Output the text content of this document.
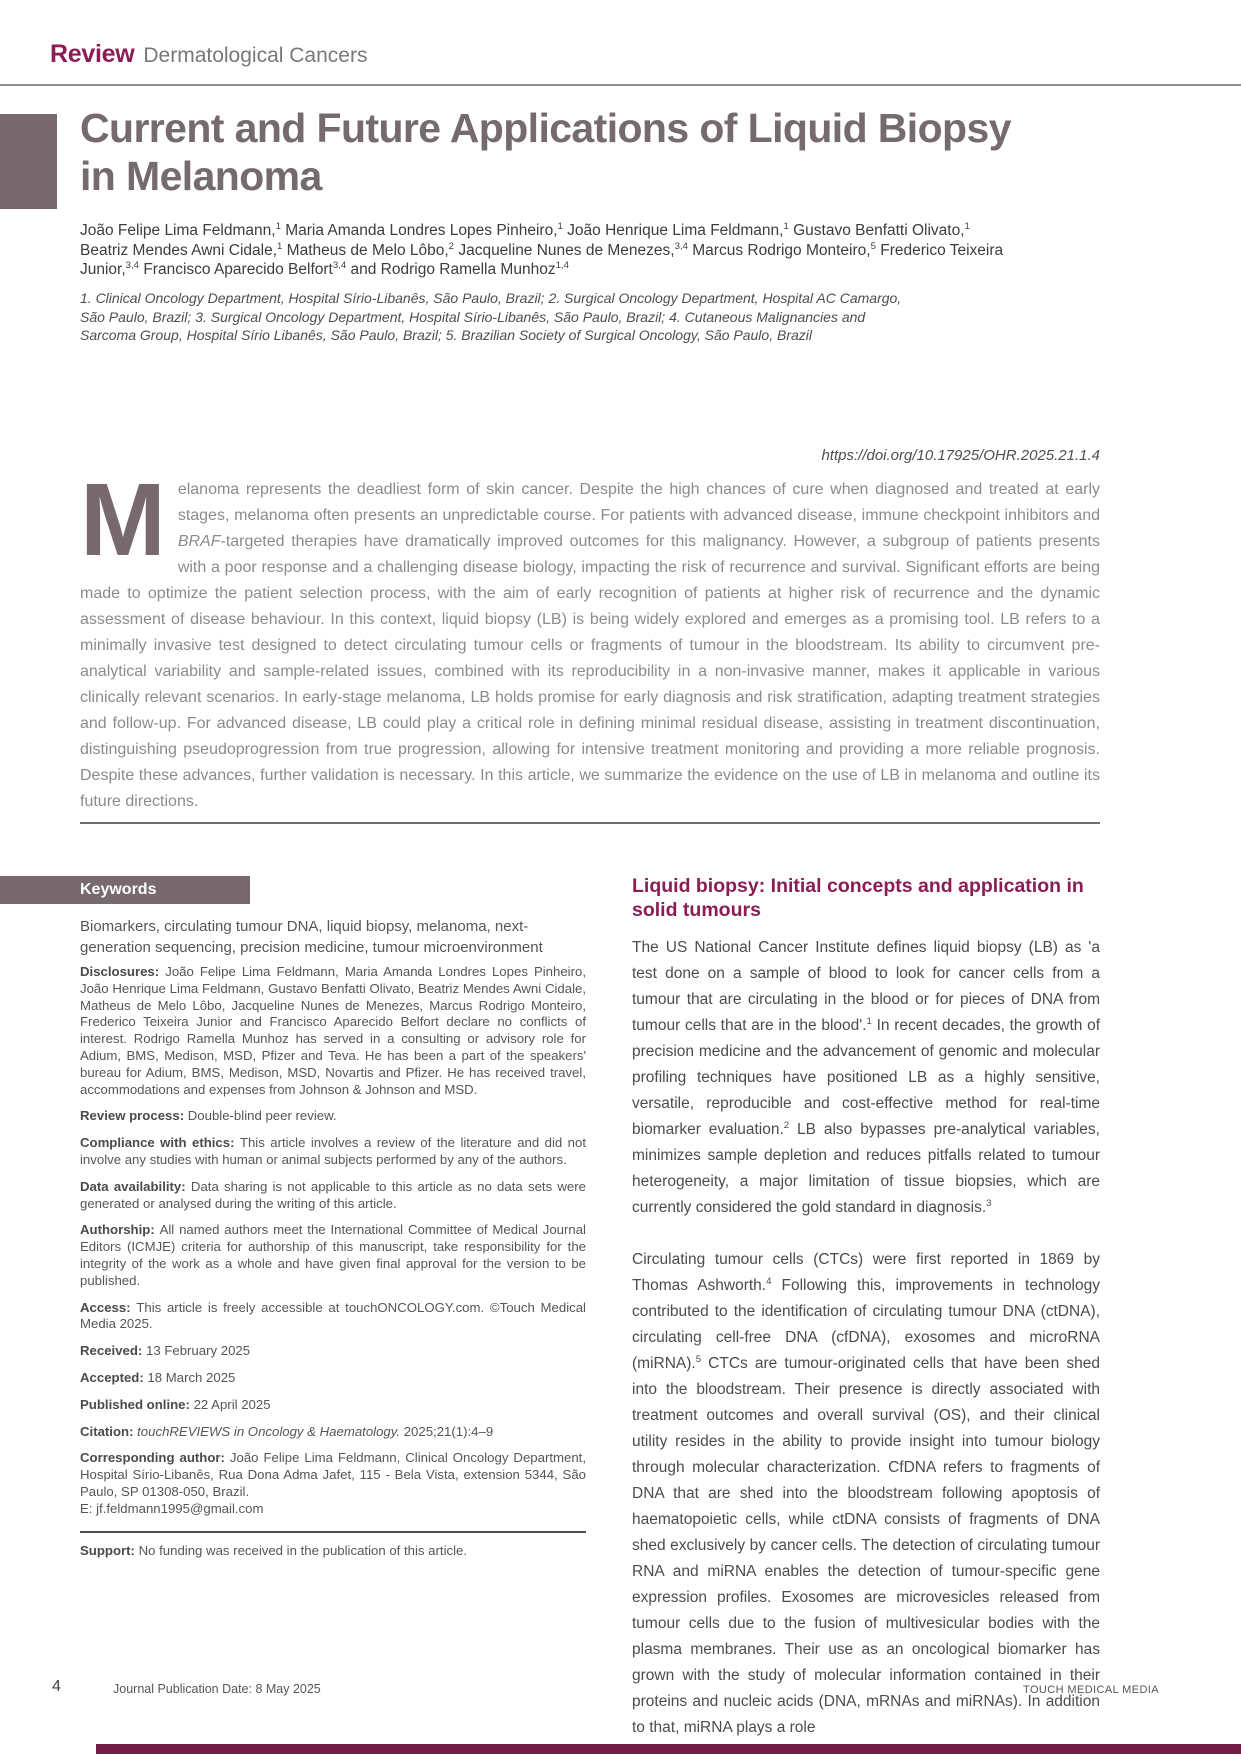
Review Dermatological Cancers
Current and Future Applications of Liquid Biopsy
in Melanoma

João Felipe Lima Feldmann,$^1$ Maria Amanda Londres Lopes Pinheiro,$^1$ João Henrique Lima Feldmann,$^1$ Gustavo Benfatti Olivato,$^1$ Beatriz Mendes Awni Cidale,$^1$ Matheus de Melo Lôbo,$^2$ Jacqueline Nunes de Menezes,$^{3,4}$ Marcus Rodrigo Monteiro,$^5$ Frederico Teixeira Junior,$^{3,4}$ Francisco Aparecido Belfort$^{3,4}$ and Rodrigo Ramella Munhoz$^{1,4}$

1. Clinical Oncology Department, Hospital Sírio-Libanês, São Paulo, Brazil; 2. Surgical Oncology Department, Hospital AC Camargo, São Paulo, Brazil; 3. Surgical Oncology Department, Hospital Sírio-Libanês, São Paulo, Brazil; 4. Cutaneous Malignancies and Sarcoma Group, Hospital Sírio Libanês, São Paulo, Brazil; 5. Brazilian Society of Surgical Oncology, São Paulo, Brazil

https://doi.org/10.17925/OHR.2025.21.1.4

Melanoma represents the deadliest form of skin cancer. Despite the high chances of cure when diagnosed and treated at early stages, melanoma often presents an unpredictable course. For patients with advanced disease, immune checkpoint inhibitors and BRAF-targeted therapies have dramatically improved outcomes for this malignancy. However, a subgroup of patients presents with a poor response and a challenging disease biology, impacting the risk of recurrence and survival. Significant efforts are being made to optimize the patient selection process, with the aim of early recognition of patients at higher risk of recurrence and the dynamic assessment of disease behaviour. In this context, liquid biopsy (LB) is being widely explored and emerges as a promising tool. LB refers to a minimally invasive test designed to detect circulating tumour cells or fragments of tumour in the bloodstream. Its ability to circumvent pre-analytical variability and sample-related issues, combined with its reproducibility in a non-invasive manner, makes it applicable in various clinically relevant scenarios. In early-stage melanoma, LB holds promise for early diagnosis and risk stratification, adapting treatment strategies and follow-up. For advanced disease, LB could play a critical role in defining minimal residual disease, assisting in treatment discontinuation, distinguishing pseudoprogression from true progression, allowing for intensive treatment monitoring and providing a more reliable prognosis. Despite these advances, further validation is necessary. In this article, we summarize the evidence on the use of LB in melanoma and outline its future directions.
Keywords

Biomarkers, circulating tumour DNA, liquid biopsy, melanoma, next-generation sequencing, precision medicine, tumour microenvironment

Disclosures: João Felipe Lima Feldmann, Maria Amanda Londres Lopes Pinheiro, João Henrique Lima Feldmann, Gustavo Benfatti Olivato, Beatriz Mendes Awni Cidale, Matheus de Melo Lôbo, Jacqueline Nunes de Menezes, Marcus Rodrigo Monteiro, Frederico Teixeira Junior and Francisco Aparecido Belfort declare no conflicts of interest. Rodrigo Ramella Munhoz has served in a consulting or advisory role for Adium, BMS, Medison, MSD, Pfizer and Teva. He has been a part of the speakers' bureau for Adium, BMS, Medison, MSD, Novartis and Pfizer. He has received travel, accommodations and expenses from Johnson & Johnson and MSD.

Review process: Double-blind peer review.

Compliance with ethics: This article involves a review of the literature and did not involve any studies with human or animal subjects performed by any of the authors.

Data availability: Data sharing is not applicable to this article as no data sets were generated or analysed during the writing of this article.

Authorship: All named authors meet the International Committee of Medical Journal Editors (ICMJE) criteria for authorship of this manuscript, take responsibility for the integrity of the work as a whole and have given final approval for the version to be published.

Access: This article is freely accessible at touchONCOLOGY.com. ©Touch Medical Media 2025.

Received: 13 February 2025

Accepted: 18 March 2025

Published online: 22 April 2025

Citation: touchREVIEWS in Oncology & Haematology. 2025;21(1):4–9

Corresponding author: João Felipe Lima Feldmann, Clinical Oncology Department, Hospital Sírio-Libanês, Rua Dona Adma Jafet, 115 - Bela Vista, extension 5344, São Paulo, SP 01308-050, Brazil.
E: jf.feldmann1995@gmail.com

Support: No funding was received in the publication of this article.

Liquid biopsy: Initial concepts and application in solid tumours

The US National Cancer Institute defines liquid biopsy (LB) as 'a test done on a sample of blood to look for cancer cells from a tumour that are circulating in the blood or for pieces of DNA from tumour cells that are in the blood'.$^1$ In recent decades, the growth of precision medicine and the advancement of genomic and molecular profiling techniques have positioned LB as a highly sensitive, versatile, reproducible and cost-effective method for real-time biomarker evaluation.$^2$ LB also bypasses pre-analytical variables, minimizes sample depletion and reduces pitfalls related to tumour heterogeneity, a major limitation of tissue biopsies, which are currently considered the gold standard in diagnosis.$^3$

Circulating tumour cells (CTCs) were first reported in 1869 by Thomas Ashworth.$^4$ Following this, improvements in technology contributed to the identification of circulating tumour DNA (ctDNA), circulating cell-free DNA (cfDNA), exosomes and microRNA (miRNA).$^5$ CTCs are tumour-originated cells that have been shed into the bloodstream. Their presence is directly associated with treatment outcomes and overall survival (OS), and their clinical utility resides in the ability to provide insight into tumour biology through molecular characterization. CfDNA refers to fragments of DNA that are shed into the bloodstream following apoptosis of haematopoietic cells, while ctDNA consists of fragments of DNA shed exclusively by cancer cells. The detection of circulating tumour RNA and miRNA enables the detection of tumour-specific gene expression profiles. Exosomes are microvesicles released from tumour cells due to the fusion of multivesicular bodies with the plasma membranes. Their use as an oncological biomarker has grown with the study of molecular information contained in their proteins and nucleic acids (DNA, mRNAs and miRNAs). In addition to that, miRNA plays a role

4	Journal Publication Date: 8 May 2025	TOUCH MEDICAL MEDIA
